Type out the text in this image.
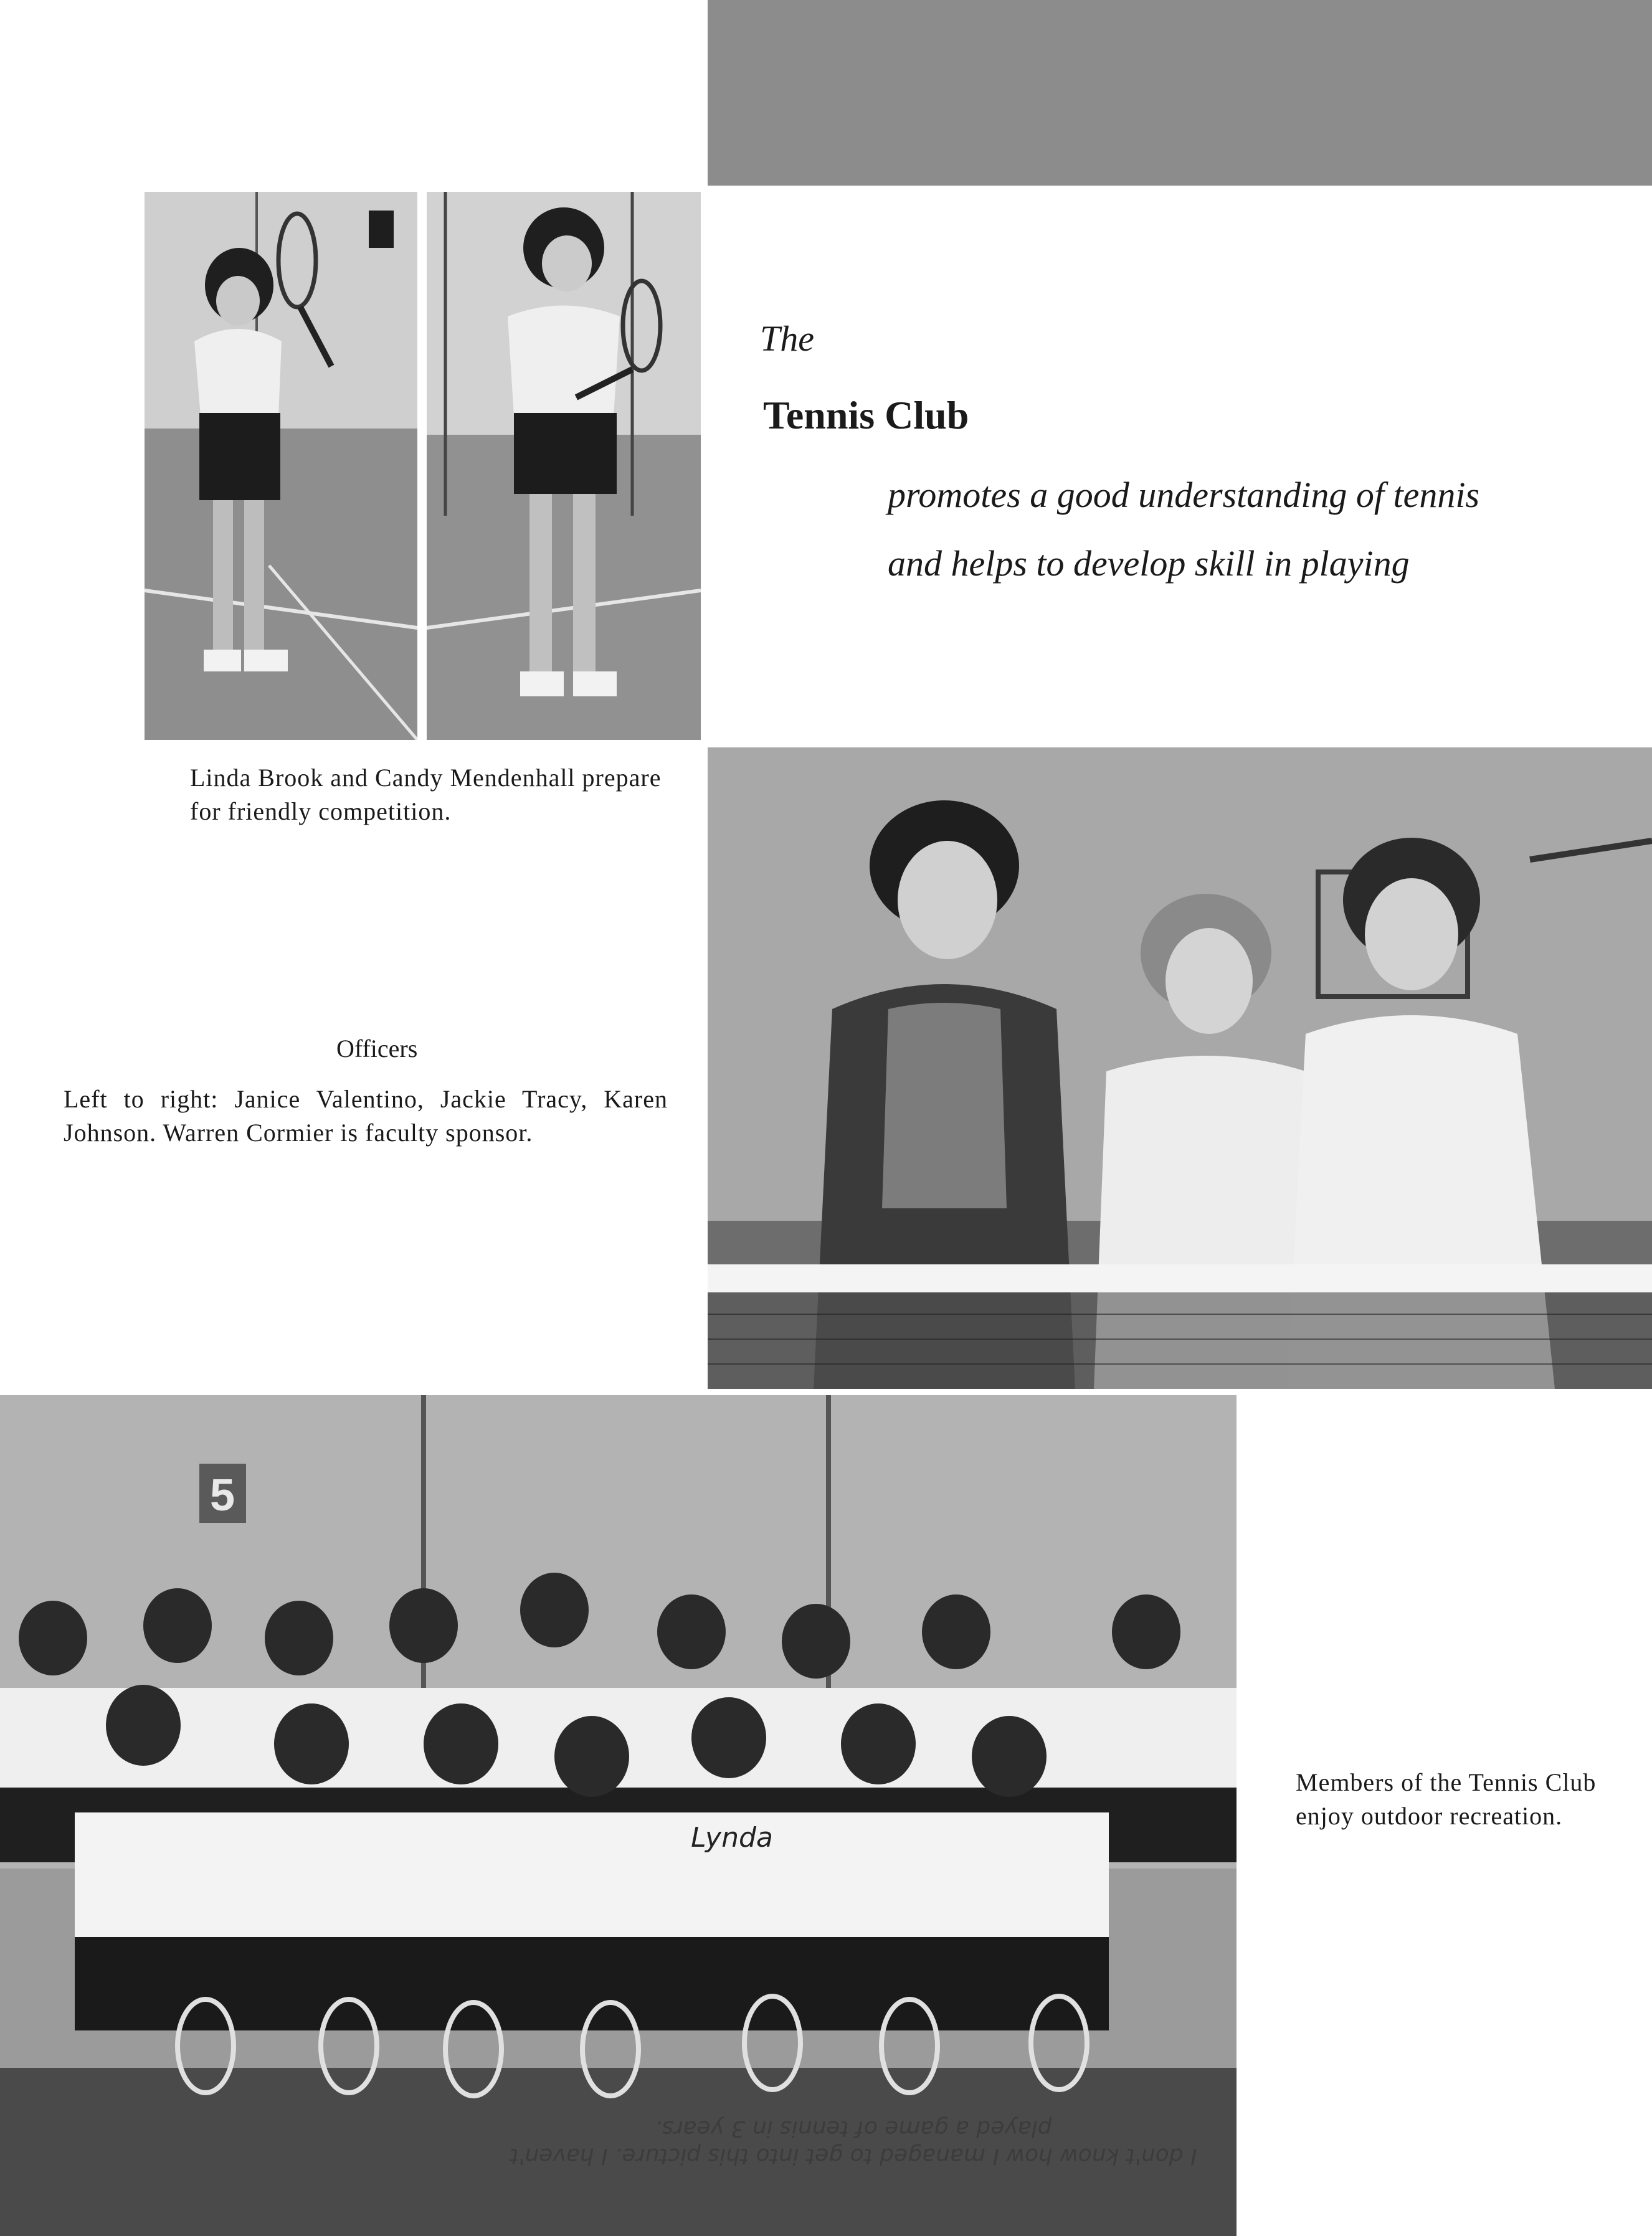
The
Tennis Club
promotes a good understanding of tennis
and helps to develop skill in playing
Linda Brook and Candy Mendenhall prepare for friendly competition.
Officers
Left to right: Janice Valentino, Jackie Tracy, Karen Johnson. Warren Cormier is faculty sponsor.
5
Lynda
I don't know how I managed to get into this picture. I haven't played a game of tennis in 3 years.
Members of the Tennis Club enjoy outdoor recreation.
